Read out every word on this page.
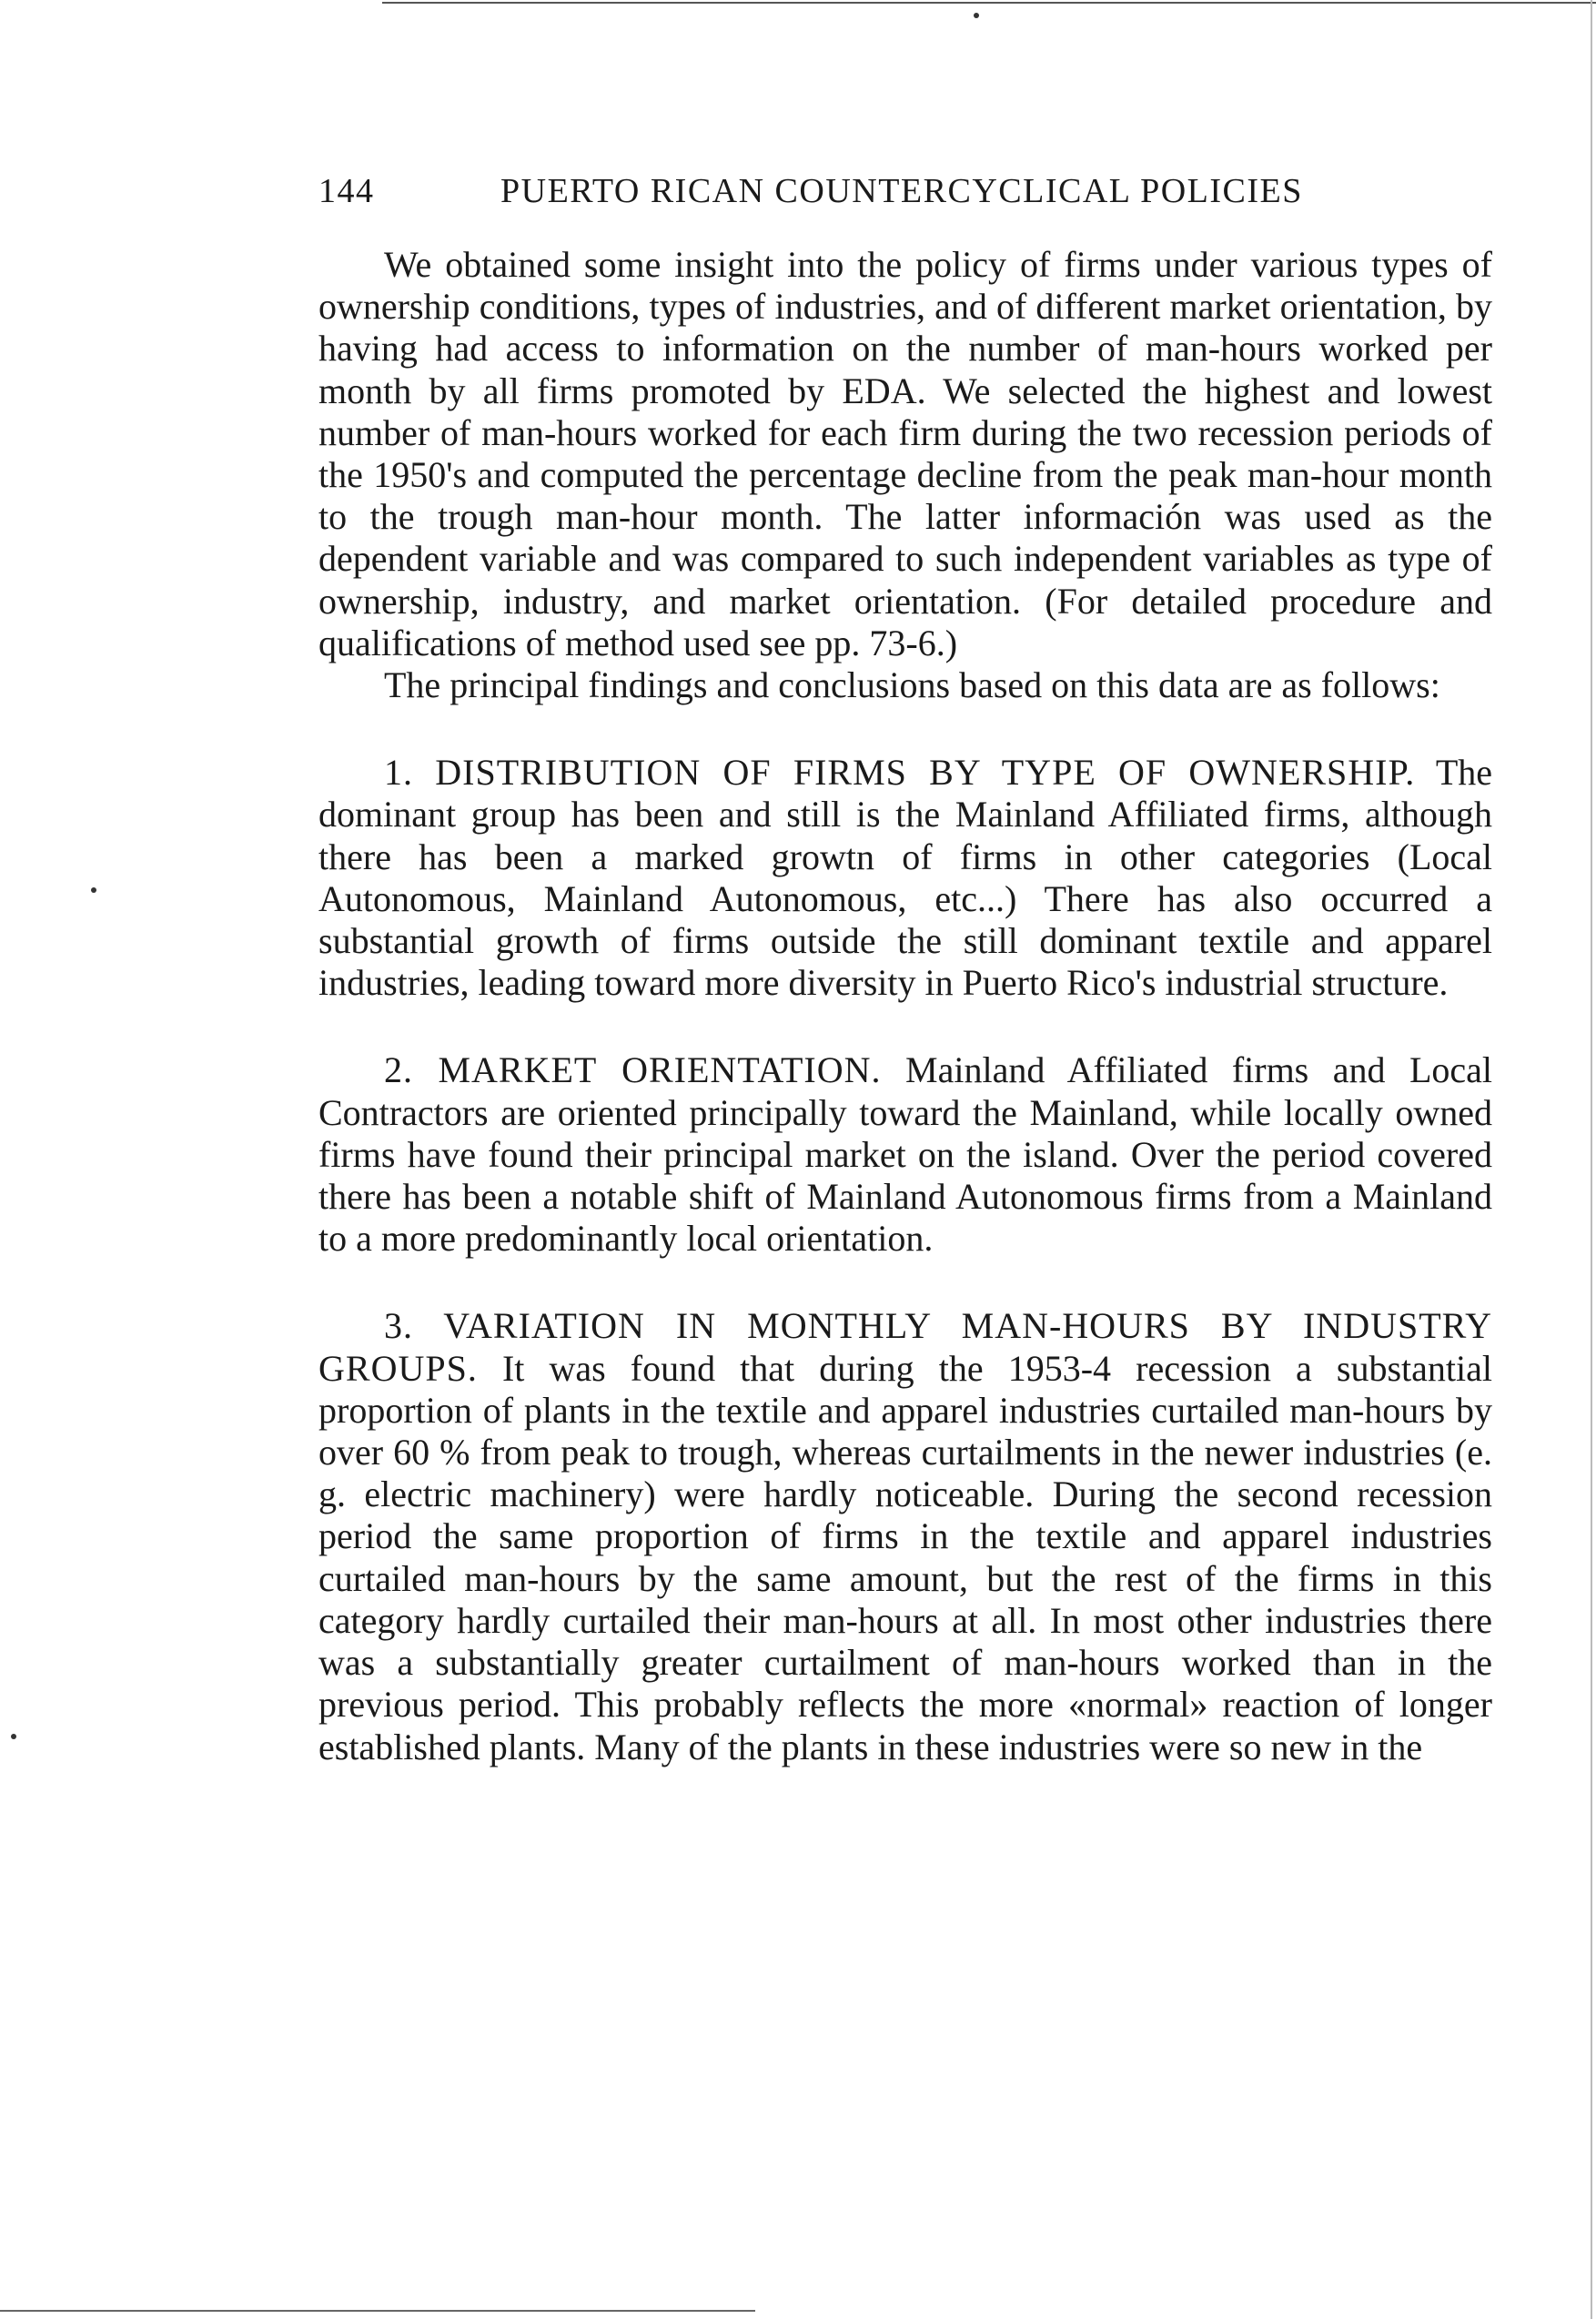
144	PUERTO RICAN COUNTERCYCLICAL POLICIES

We obtained some insight into the policy of firms under various types of ownership conditions, types of industries, and of different market orientation, by having had access to information on the number of man-hours worked per month by all firms promoted by EDA. We selected the highest and lowest number of man-hours worked for each firm during the two recession periods of the 1950's and computed the percentage decline from the peak man-hour month to the trough man-hour month. The latter información was used as the dependent variable and was compared to such independent variables as type of ownership, industry, and market orientation. (For detailed procedure and qualifications of method used see pp. 73-6.)

The principal findings and conclusions based on this data are as follows:

1. DISTRIBUTION OF FIRMS BY TYPE OF OWNERSHIP. The dominant group has been and still is the Mainland Affiliated firms, although there has been a marked growtn of firms in other categories (Local Autonomous, Mainland Autonomous, etc...) There has also occurred a substantial growth of firms outside the still dominant textile and apparel industries, leading toward more diversity in Puerto Rico's industrial structure.

2. MARKET ORIENTATION. Mainland Affiliated firms and Local Contractors are oriented principally toward the Mainland, while locally owned firms have found their principal market on the island. Over the period covered there has been a notable shift of Mainland Autonomous firms from a Mainland to a more predominantly local orientation.

3. VARIATION IN MONTHLY MAN-HOURS BY INDUSTRY GROUPS. It was found that during the 1953-4 recession a substantial proportion of plants in the textile and apparel industries curtailed man-hours by over 60 % from peak to trough, whereas curtailments in the newer industries (e. g. electric machinery) were hardly noticeable. During the second recession period the same proportion of firms in the textile and apparel industries curtailed man-hours by the same amount, but the rest of the firms in this category hardly curtailed their man-hours at all. In most other industries there was a substantially greater curtailment of man-hours worked than in the previous period. This probably reflects the more «normal» reaction of longer established plants. Many of the plants in these industries were so new in the
